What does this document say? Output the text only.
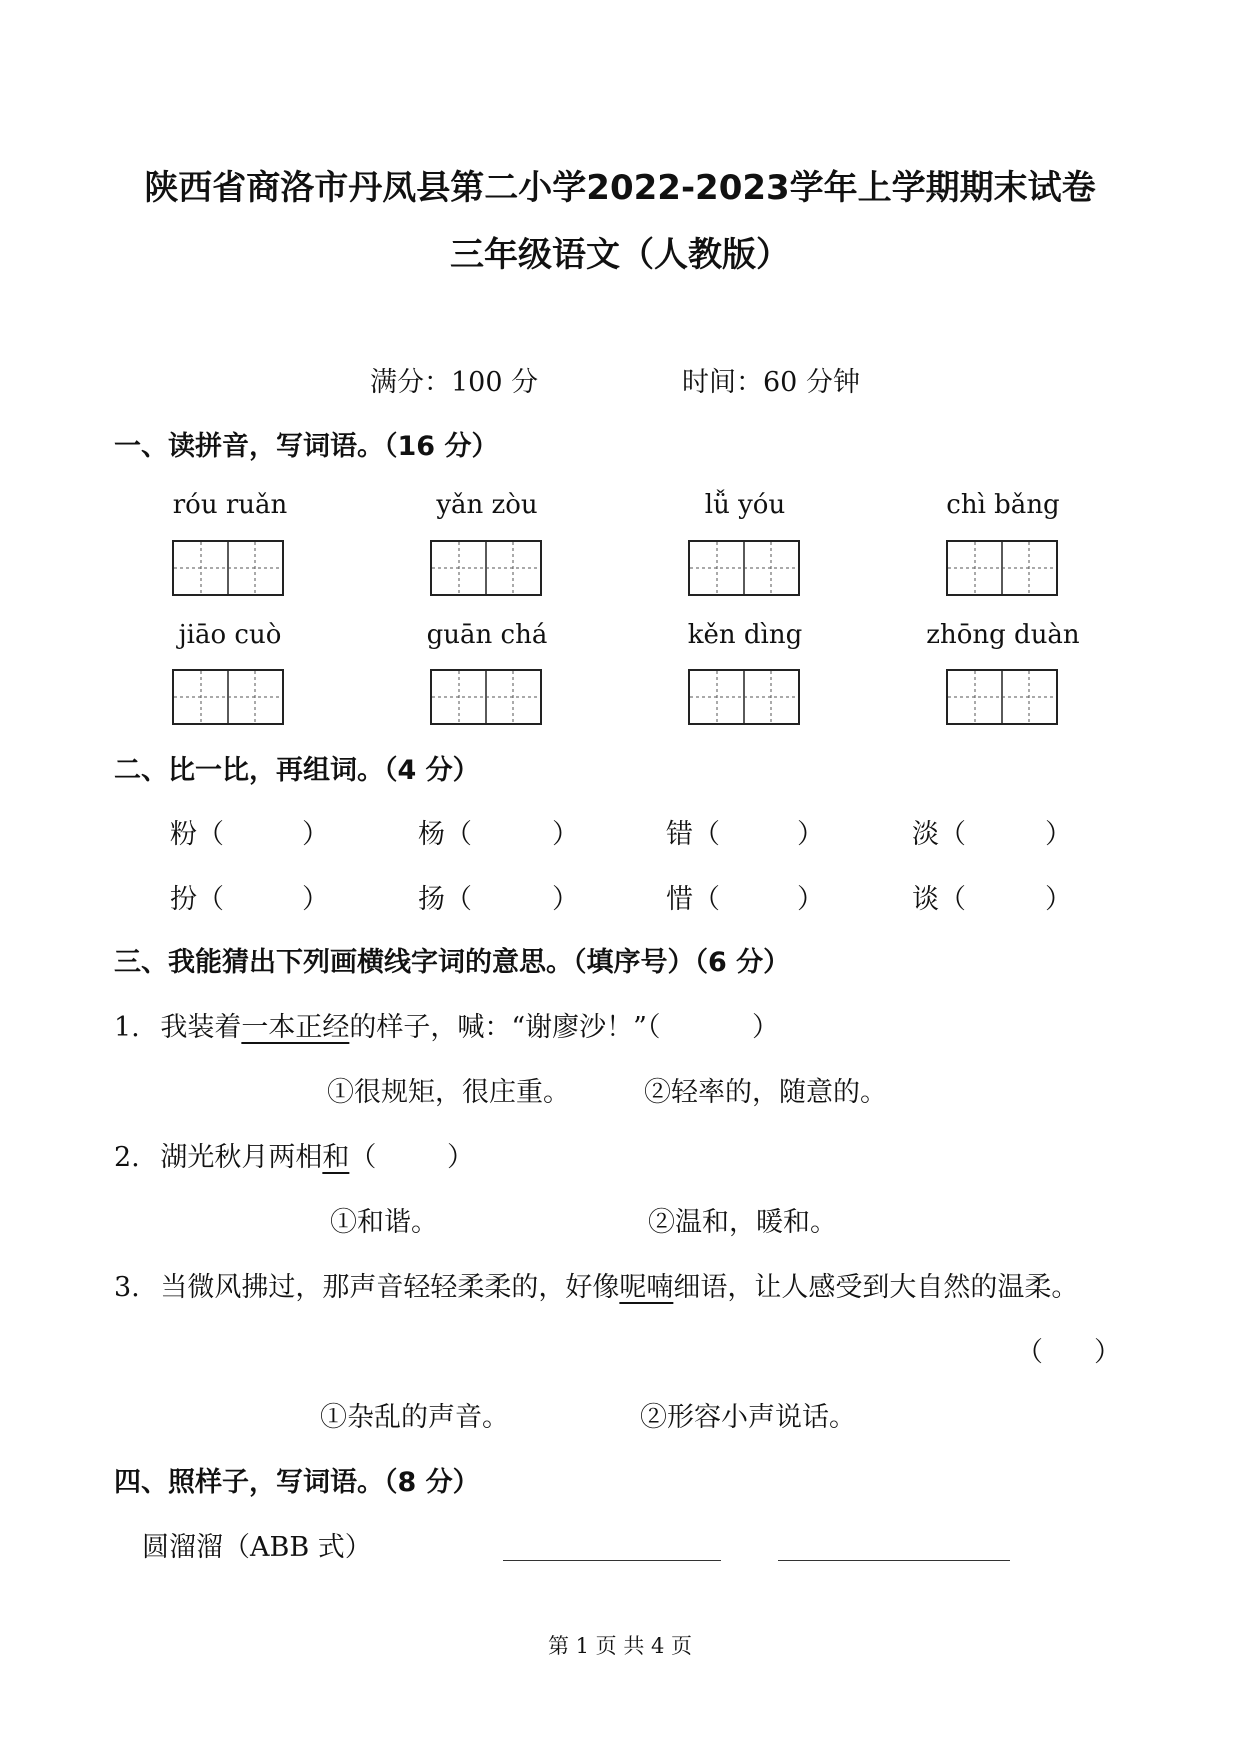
陕西省商洛市丹凤县第二小学2022-2023学年上学期期末试卷
三年级语文（人教版）
满分：100 分	时间：60 分钟
一、读拼音，写词语。（16 分）
róu ruǎn	yǎn zòu	lǚ yóu	chì bǎng
jiāo cuò	guān chá	kěn dìng	zhōng duàn
二、比一比，再组词。（4 分）
粉（	）	杨（	）	错（	）	淡（	）
扮（	）	扬（	）	惜（	）	谈（	）
三、我能猜出下列画横线字词的意思。（填序号）（6 分）
1. 我装着一本正经的样子，喊：“谢廖沙！”（	）
①很规矩，很庄重。	②轻率的，随意的。
2. 湖光秋月两相和（	）
①和谐。	②温和，暖和。
3. 当微风拂过，那声音轻轻柔柔的，好像呢喃细语，让人感受到大自然的温柔。
（ ）
①杂乱的声音。	②形容小声说话。
四、照样子，写词语。（8 分）
圆溜溜（ABB 式）
第 1 页 共 4 页
